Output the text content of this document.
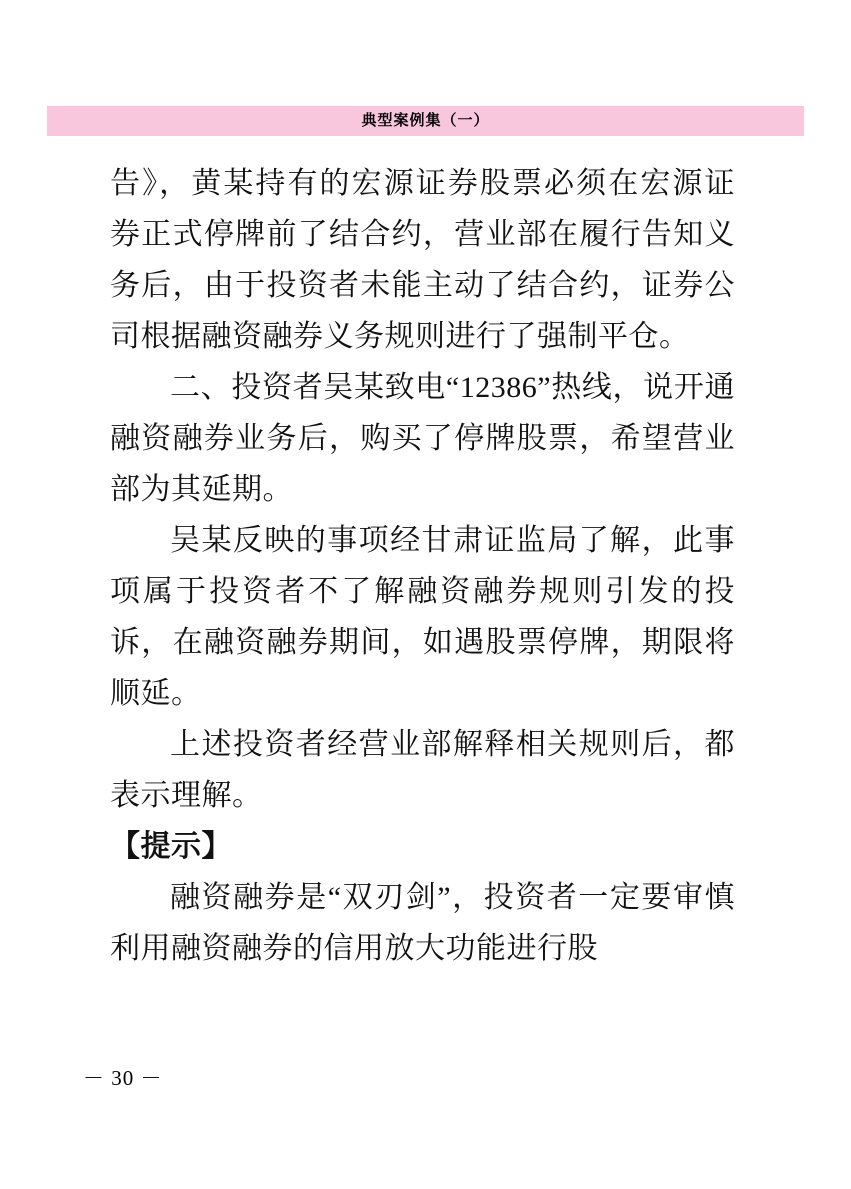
典型案例集（一）

告》，黄某持有的宏源证券股票必须在宏源证券正式停牌前了结合约，营业部在履行告知义务后，由于投资者未能主动了结合约，证券公司根据融资融券义务规则进行了强制平仓。

二、投资者吴某致电“12386”热线，说开通融资融券业务后，购买了停牌股票，希望营业部为其延期。

吴某反映的事项经甘肃证监局了解，此事项属于投资者不了解融资融券规则引发的投诉，在融资融券期间，如遇股票停牌，期限将顺延。

上述投资者经营业部解释相关规则后，都表示理解。

【提示】

融资融券是“双刃剑”，投资者一定要审慎利用融资融券的信用放大功能进行股

－ 30 －
